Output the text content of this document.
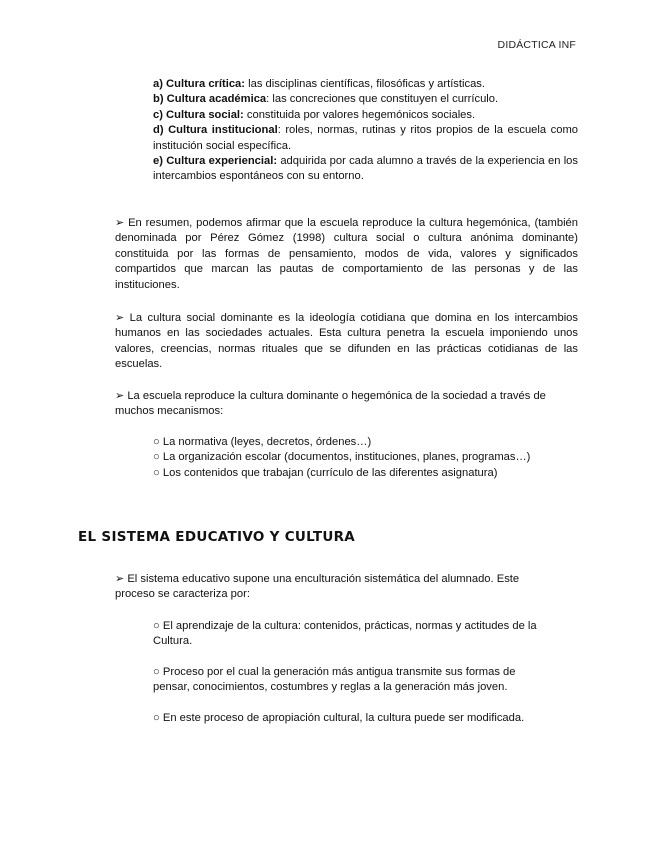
DIDÁCTICA INF

a) Cultura crítica: las disciplinas científicas, filosóficas y artísticas.

b) Cultura académica: las concreciones que constituyen el currículo.

c) Cultura social: constituida por valores hegemónicos sociales.

d) Cultura institucional: roles, normas, rutinas y ritos propios de la escuela como institución social específica.

e) Cultura experiencial: adquirida por cada alumno a través de la experiencia en los intercambios espontáneos con su entorno.

➢ En resumen, podemos afirmar que la escuela reproduce la cultura hegemónica, (también denominada por Pérez Gómez (1998) cultura social o cultura anónima dominante) constituida por las formas de pensamiento, modos de vida, valores y significados compartidos que marcan las pautas de comportamiento de las personas y de las instituciones.

➢ La cultura social dominante es la ideología cotidiana que domina en los intercambios humanos en las sociedades actuales. Esta cultura penetra la escuela imponiendo unos valores, creencias, normas rituales que se difunden en las prácticas cotidianas de las escuelas.

➢ La escuela reproduce la cultura dominante o hegemónica de la sociedad a través de muchos mecanismos:

○ La normativa (leyes, decretos, órdenes…)

○ La organización escolar (documentos, instituciones, planes, programas…)

○ Los contenidos que trabajan (currículo de las diferentes asignatura)

EL SISTEMA EDUCATIVO Y CULTURA

➢ El sistema educativo supone una enculturación sistemática del alumnado. Este proceso se caracteriza por:

○ El aprendizaje de la cultura: contenidos, prácticas, normas y actitudes de la Cultura.

○ Proceso por el cual la generación más antigua transmite sus formas de pensar, conocimientos, costumbres y reglas a la generación más joven.

○ En este proceso de apropiación cultural, la cultura puede ser modificada.
